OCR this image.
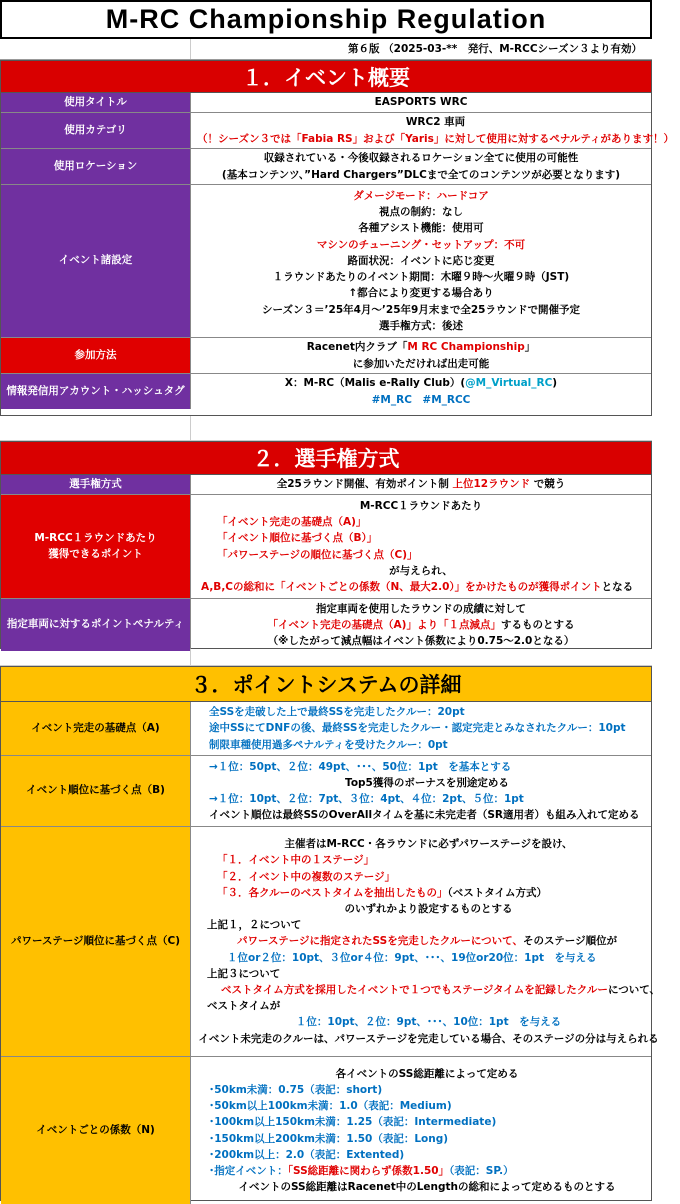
M-RC Championship Regulation
第６版 （2025-03-**　発行、M-RCCシーズン３より有効）
１．イベント概要
使用タイトル	EASPORTS WRC
使用カテゴリ
WRC2 車両
（！シーズン３では「Fabia RS」および「Yaris」に対して使用に対するペナルティがあります！）
使用ロケーション
収録されている・今後収録されるロケーション全てに使用の可能性
(基本コンテンツ、”Hard Chargers”DLCまで全てのコンテンツが必要となります)
イベント諸設定
ダメージモード：ハードコア
視点の制約：なし
各種アシスト機能：使用可
マシンのチューニング・セットアップ：不可
路面状況：イベントに応じ変更
１ラウンドあたりのイベント期間：木曜９時～火曜９時（JST)
↑都合により変更する場合あり
シーズン３＝’25年4月～’25年9月末まで全25ラウンドで開催予定
選手権方式：後述
参加方法
Racenet内クラブ「M RC Championship」
に参加いただければ出走可能
情報発信用アカウント・ハッシュタグ
X：M-RC（Malis e-Rally Club）(@M_Virtual_RC)
#M_RC　#M_RCC
２．選手権方式
選手権方式	全25ラウンド開催、有効ポイント制 上位12ラウンド で競う
M-RCC１ラウンドあたり
獲得できるポイント
M-RCC１ラウンドあたり
「イベント完走の基礎点（A)」
「イベント順位に基づく点（B）」
「パワーステージの順位に基づく点（C)」
が与えられ、
A,B,Cの総和に「イベントごとの係数（N、最大2.0）」をかけたものが獲得ポイントとなる
指定車両に対するポイントペナルティ
指定車両を使用したラウンドの成績に対して
「イベント完走の基礎点（A)」より「１点減点」するものとする
（※したがって減点幅はイベント係数により0.75～2.0となる）
３．ポイントシステムの詳細
イベント完走の基礎点（A)
全SSを走破した上で最終SSを完走したクルー：20pt
途中SSにてDNFの後、最終SSを完走したクルー・認定完走とみなされたクルー：10pt
制限車種使用過多ペナルティを受けたクルー：0pt
イベント順位に基づく点（B)
→１位：50pt、２位：49pt、･･･、50位：1pt　を基本とする
Top5獲得のボーナスを別途定める
→１位：10pt、２位：7pt、３位：4pt、４位：2pt、５位：1pt
イベント順位は最終SSのOverAllタイムを基に未完走者（SR適用者）も組み入れて定める
パワーステージ順位に基づく点（C)
主催者はM-RCC・各ラウンドに必ずパワーステージを設け、
「１．イベント中の１ステージ」
「２．イベント中の複数のステージ」
「３．各クルーのベストタイムを抽出したもの」（ベストタイム方式）
のいずれかより設定するものとする
上記１，２について
パワーステージに指定されたSSを完走したクルーについて、そのステージ順位が
１位or２位：10pt、３位or４位：9pt、･･･、19位or20位：1pt　を与える
上記３について
ベストタイム方式を採用したイベントで１つでもステージタイムを記録したクルーについて、
ベストタイムが
１位：10pt、２位：9pt、･･･、10位：1pt　を与える
イベント未完走のクルーは、パワーステージを完走している場合、そのステージの分は与えられる
イベントごとの係数（N)
各イベントのSS総距離によって定める
･50km未満：0.75（表記：short)
･50km以上100km未満：1.0（表記：Medium)
･100km以上150km未満：1.25（表記：Intermediate)
･150km以上200km未満：1.50（表記：Long)
･200km以上：2.0（表記：Extented)
･指定イベント：「SS総距離に関わらず係数1.50」（表記：SP.）
イベントのSS総距離はRacenet中のLengthの総和によって定めるものとする
